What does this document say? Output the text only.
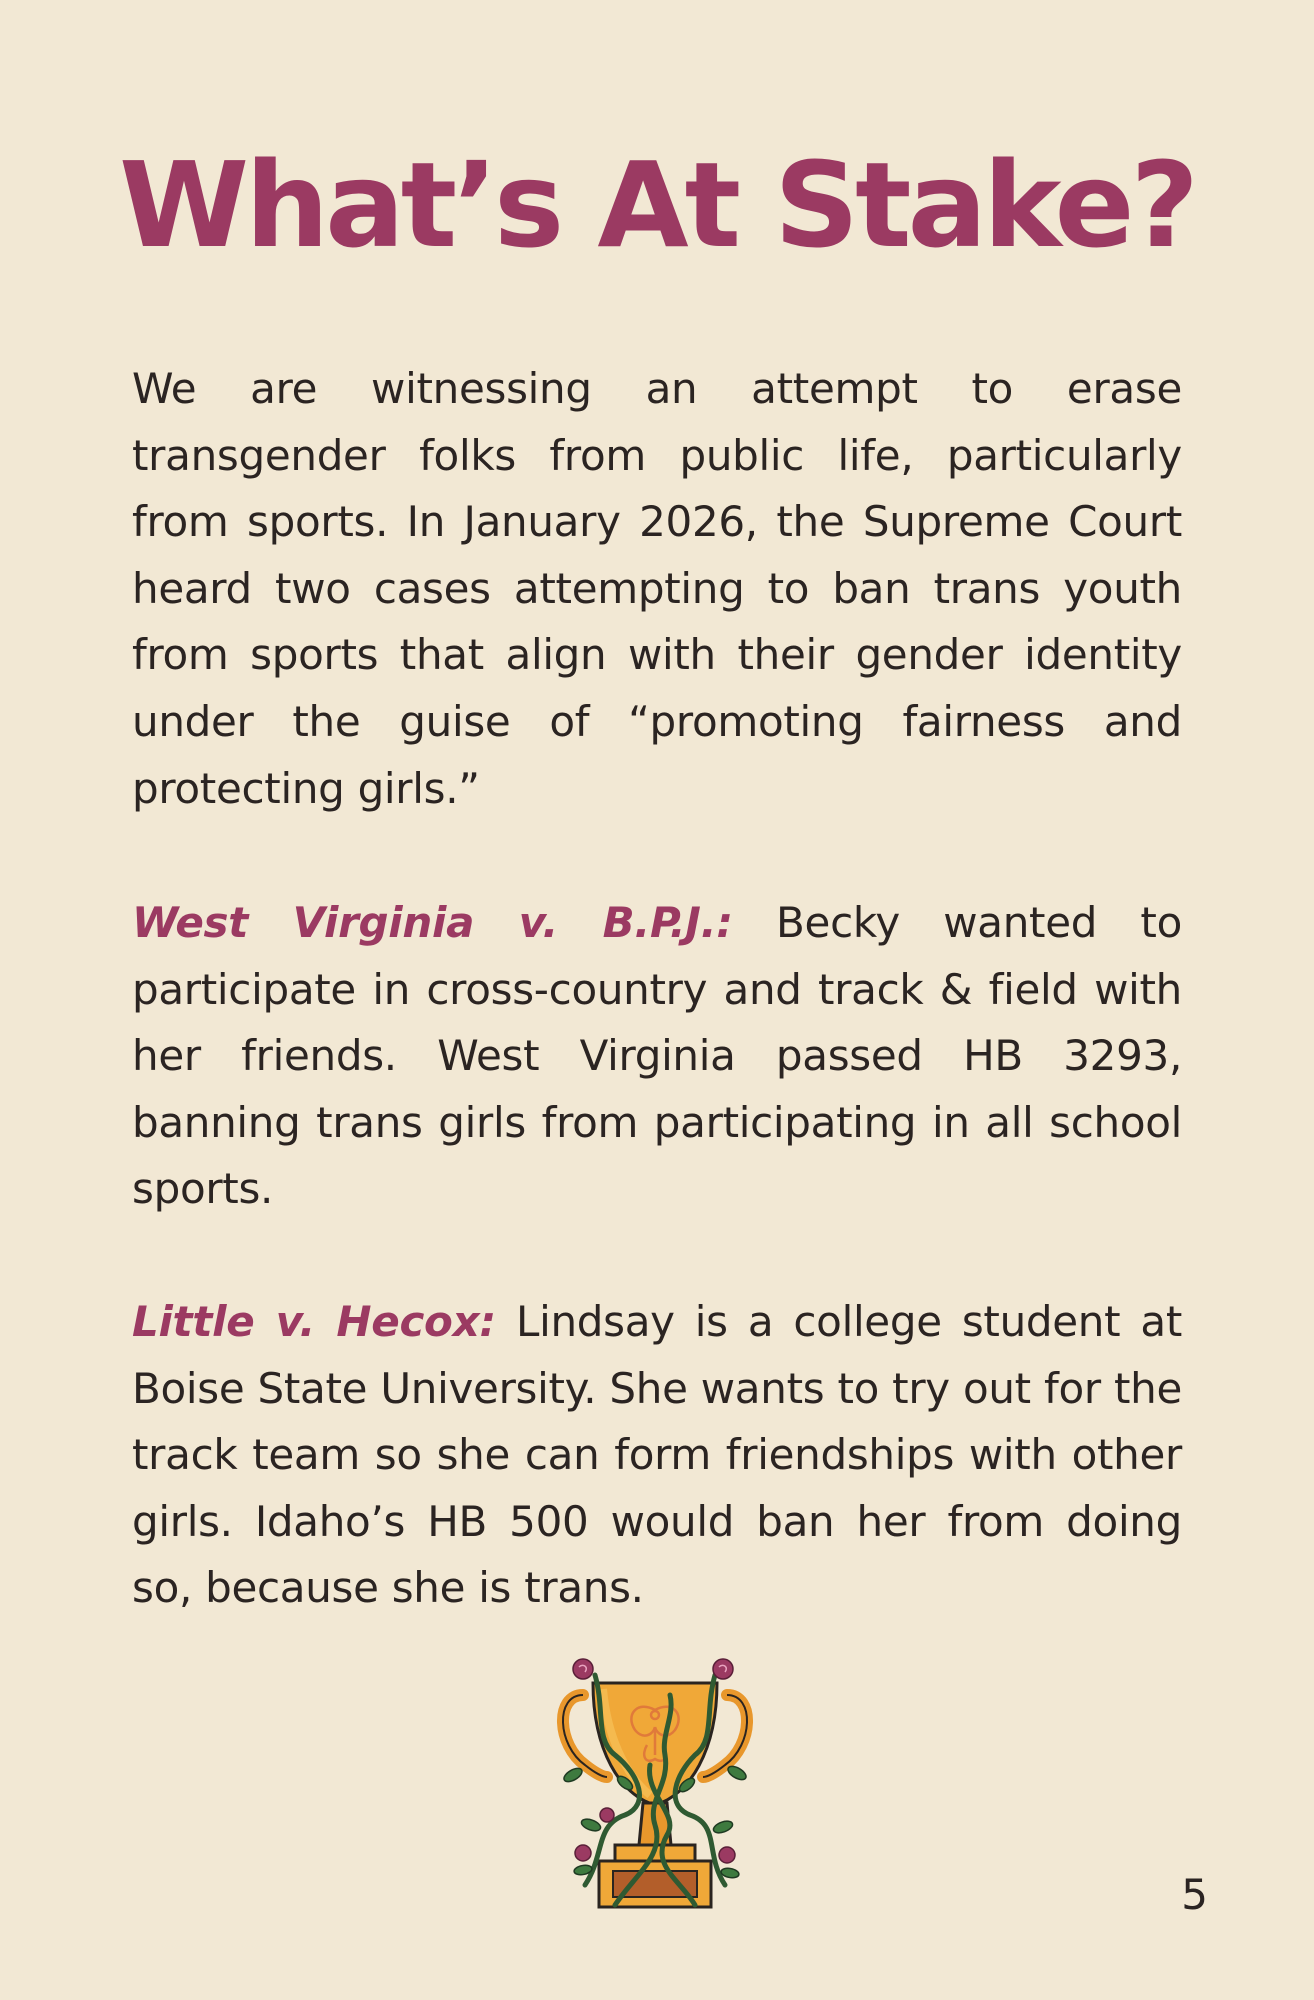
What’s At Stake?

We are witnessing an attempt to erase transgender folks from public life, particularly from sports. In January 2026, the Supreme Court heard two cases attempting to ban trans youth from sports that align with their gender identity under the guise of “promoting fairness and protecting girls.”

West Virginia v. B.P.J.: Becky wanted to participate in cross-country and track & field with her friends. West Virginia passed HB 3293, banning trans girls from participating in all school sports.

Little v. Hecox: Lindsay is a college student at Boise State University. She wants to try out for the track team so she can form friendships with other girls. Idaho’s HB 500 would ban her from doing so, because she is trans.

5
